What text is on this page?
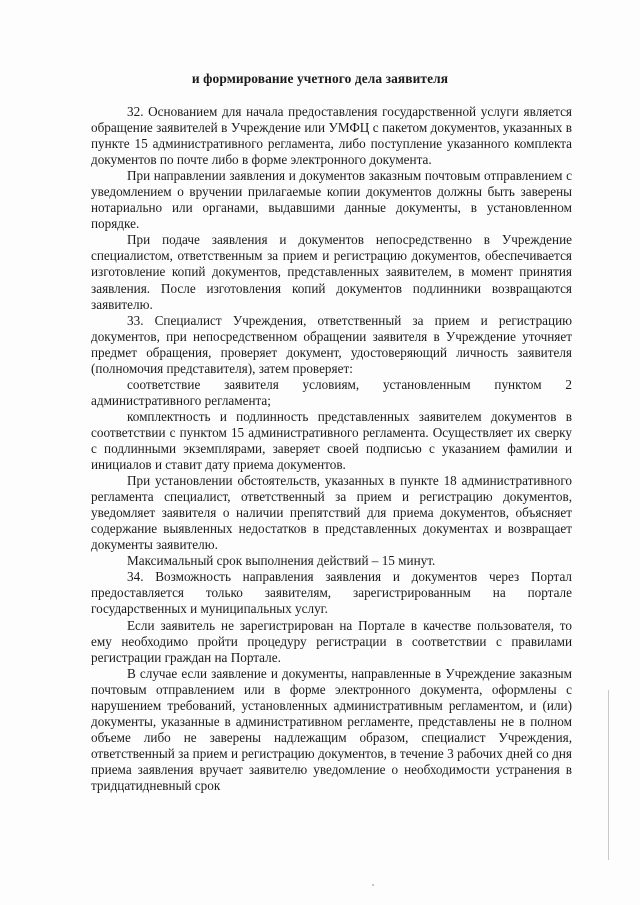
и формирование учетного дела заявителя

32. Основанием для начала предоставления государственной услуги является обращение заявителей в Учреждение или УМФЦ с пакетом документов, указанных в пункте 15 административного регламента, либо поступление указанного комплекта документов по почте либо в форме электронного документа.

При направлении заявления и документов заказным почтовым отправлением с уведомлением о вручении прилагаемые копии документов должны быть заверены нотариально или органами, выдавшими данные документы, в установленном порядке.

При подаче заявления и документов непосредственно в Учреждение специалистом, ответственным за прием и регистрацию документов, обеспечивается изготовление копий документов, представленных заявителем, в момент принятия заявления. После изготовления копий документов подлинники возвращаются заявителю.

33. Специалист Учреждения, ответственный за прием и регистрацию документов, при непосредственном обращении заявителя в Учреждение уточняет предмет обращения, проверяет документ, удостоверяющий личность заявителя (полномочия представителя), затем проверяет:

соответствие заявителя условиям, установленным пунктом 2 административного регламента;

комплектность и подлинность представленных заявителем документов в соответствии с пунктом 15 административного регламента. Осуществляет их сверку с подлинными экземплярами, заверяет своей подписью с указанием фамилии и инициалов и ставит дату приема документов.

При установлении обстоятельств, указанных в пункте 18 административного регламента специалист, ответственный за прием и регистрацию документов, уведомляет заявителя о наличии препятствий для приема документов, объясняет содержание выявленных недостатков в представленных документах и возвращает документы заявителю.

Максимальный срок выполнения действий – 15 минут.

34. Возможность направления заявления и документов через Портал предоставляется только заявителям, зарегистрированным на портале государственных и муниципальных услуг.

Если заявитель не зарегистрирован на Портале в качестве пользователя, то ему необходимо пройти процедуру регистрации в соответствии с правилами регистрации граждан на Портале.

В случае если заявление и документы, направленные в Учреждение заказным почтовым отправлением или в форме электронного документа, оформлены с нарушением требований, установленных административным регламентом, и (или) документы, указанные в административном регламенте, представлены не в полном объеме либо не заверены надлежащим образом, специалист Учреждения, ответственный за прием и регистрацию документов, в течение 3 рабочих дней со дня приема заявления вручает заявителю уведомление о необходимости устранения в тридцатидневный срок
